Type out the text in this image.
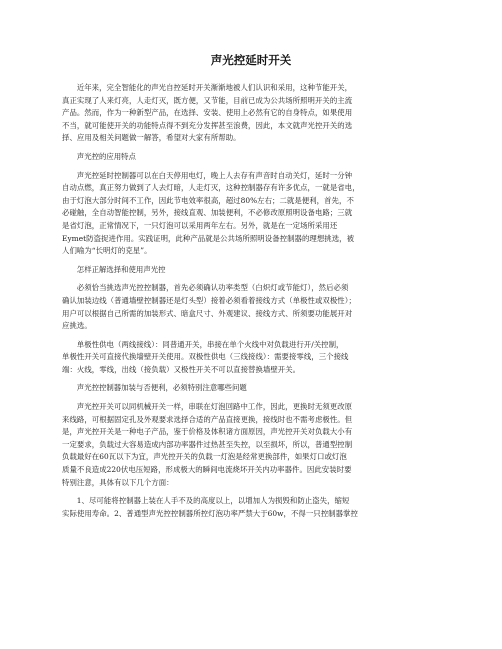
声光控延时开关
近年来，完全智能化的声光自控延时开关渐渐地被人们认识和采用，这种节能开关，
真正实现了人来灯亮，人走灯灭，既方便，又节能，目前已成为公共场所照明开关的主流
产品。然而，作为一种新型产品，在选择、安装、使用上必然有它的自身特点，如果使用
不当，就可能使开关的功能特点得不到充分发挥甚至浪费，因此，本文就声光控开关的选
择、应用及相关问题做一解答，希望对大家有所帮助。

声光控的应用特点

声光控延时控制器可以在白天停用电灯，晚上人去存有声音时自动关灯，延时一分钟
自动点燃，真正努力做到了人去灯暗，人走灯灭，这种控制器存有许多优点，一就是省电，
由于灯泡大部分时间不工作，因此节电效率很高，超过80%左右；二就是便利，首先，不
必碰触，全自动智能控制，另外，接线直观、加装便利，不必修改原照明设备电路；三就
是省灯泡，正常情况下，一只灯泡可以采用两年左右。另外，就是在一定场所采用还
Eymet防盗捉进作用。实践证明，此种产品就是公共场所照明设备控制器的理想挑选，被
人们喻为“长明灯的克星”。

怎样正解选择和使用声光控

必须恰当挑选声光控控制器，首先必须确认功率类型（白炽灯或节能灯），然后必须
确认加装边线（普通墙壁控制器还是灯头型）接着必须看着接线方式（单极性或双极性）；
用户可以根据自己所需的加装形式、暗盒尺寸、外观建议、接线方式、所须要功能展开对
应挑选。
单极性供电（两线接线）：同普通开关，串接在单个火线中对负载进行开/关控制，
单极性开关可直接代换墙壁开关使用。双极性供电（三线接线）：需要接零线，三个接线
端：火线，零线，出线（接负载）又极性开关不可以直接替换墙壁开关。

声光控控制器加装与否便利，必须特别注意哪些问题

声光控开关可以同机械开关一样，串联在灯泡回路中工作，因此，更换时无须更改原
来线路，可根据固定孔及外观要求选择合适的产品直接更换，接线时也不需考虑极性。但
是，声光控开关是一种电子产品，鉴于价格及体积诸方面原因，声光控开关对负载大小有
一定要求，负载过大容易造成内部功率器件过热甚至失控，以至损坏，所以，普通型控制
负载最好在60瓦以下为宜，声光控开关的负载一灯泡是经常更换部件，如果灯口或灯泡
质量不良造成220伏电压短路，形成极大的瞬间电流烧坏开关内功率器件。因此安装时要
特别注意，具体有以下几个方面：
1、尽可能将控制器上装在人手不及的高度以上，以增加人为损毁和防止盗失，缩短
实际使用寿命。2、普通型声光控控制器所控灯泡功率严禁大于60w，不得一只控制器掌控
